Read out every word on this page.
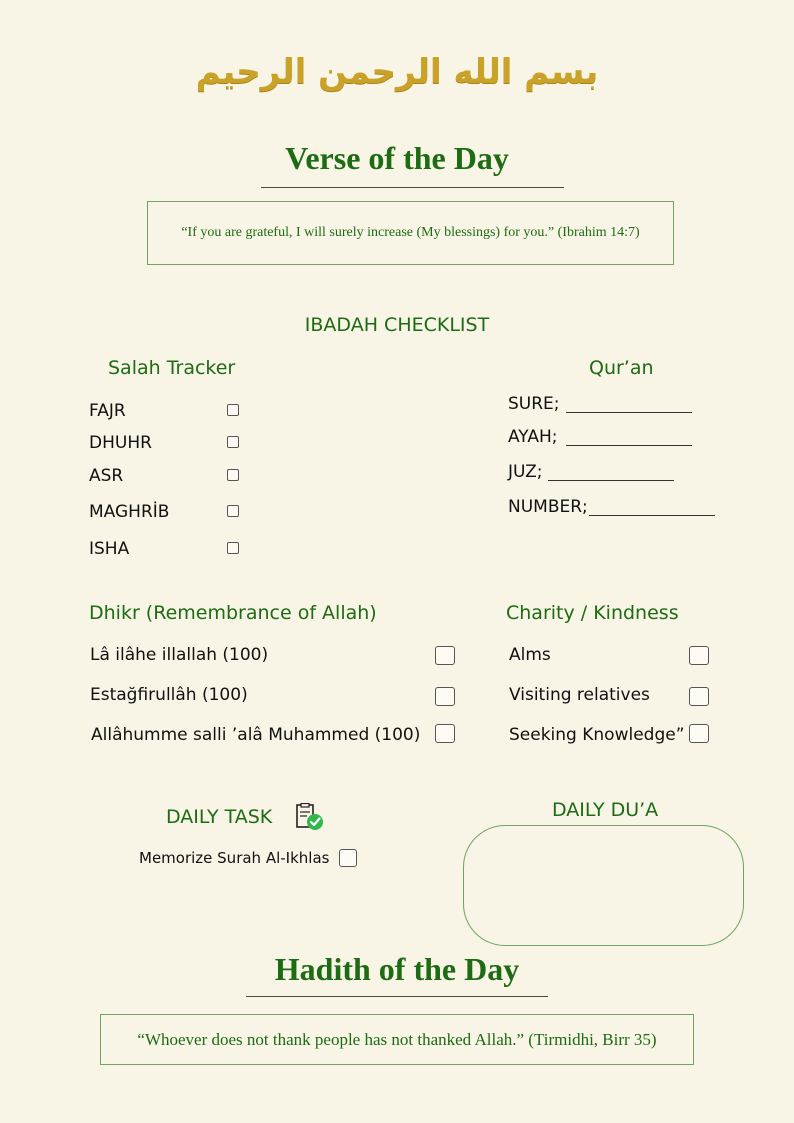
بسم الله الرحمن الرحيم
Verse of the Day
“If you are grateful, I will surely increase (My blessings) for you.” (Ibrahim 14:7)
IBADAH CHECKLIST
Salah Tracker
FAJR
DHUHR
ASR
MAGHRİB
ISHA
Qur’an
SURE;
AYAH;
JUZ;
NUMBER;
Dhikr (Remembrance of Allah)
Lâ ilâhe illallah (100)
Estağfirullâh (100)
Allâhumme salli ’alâ Muhammed (100)
Charity / Kindness
Alms
Visiting relatives
Seeking Knowledge”
DAILY TASK
Memorize Surah Al-Ikhlas
DAILY DU’A
Hadith of the Day
“Whoever does not thank people has not thanked Allah.” (Tirmidhi, Birr 35)
